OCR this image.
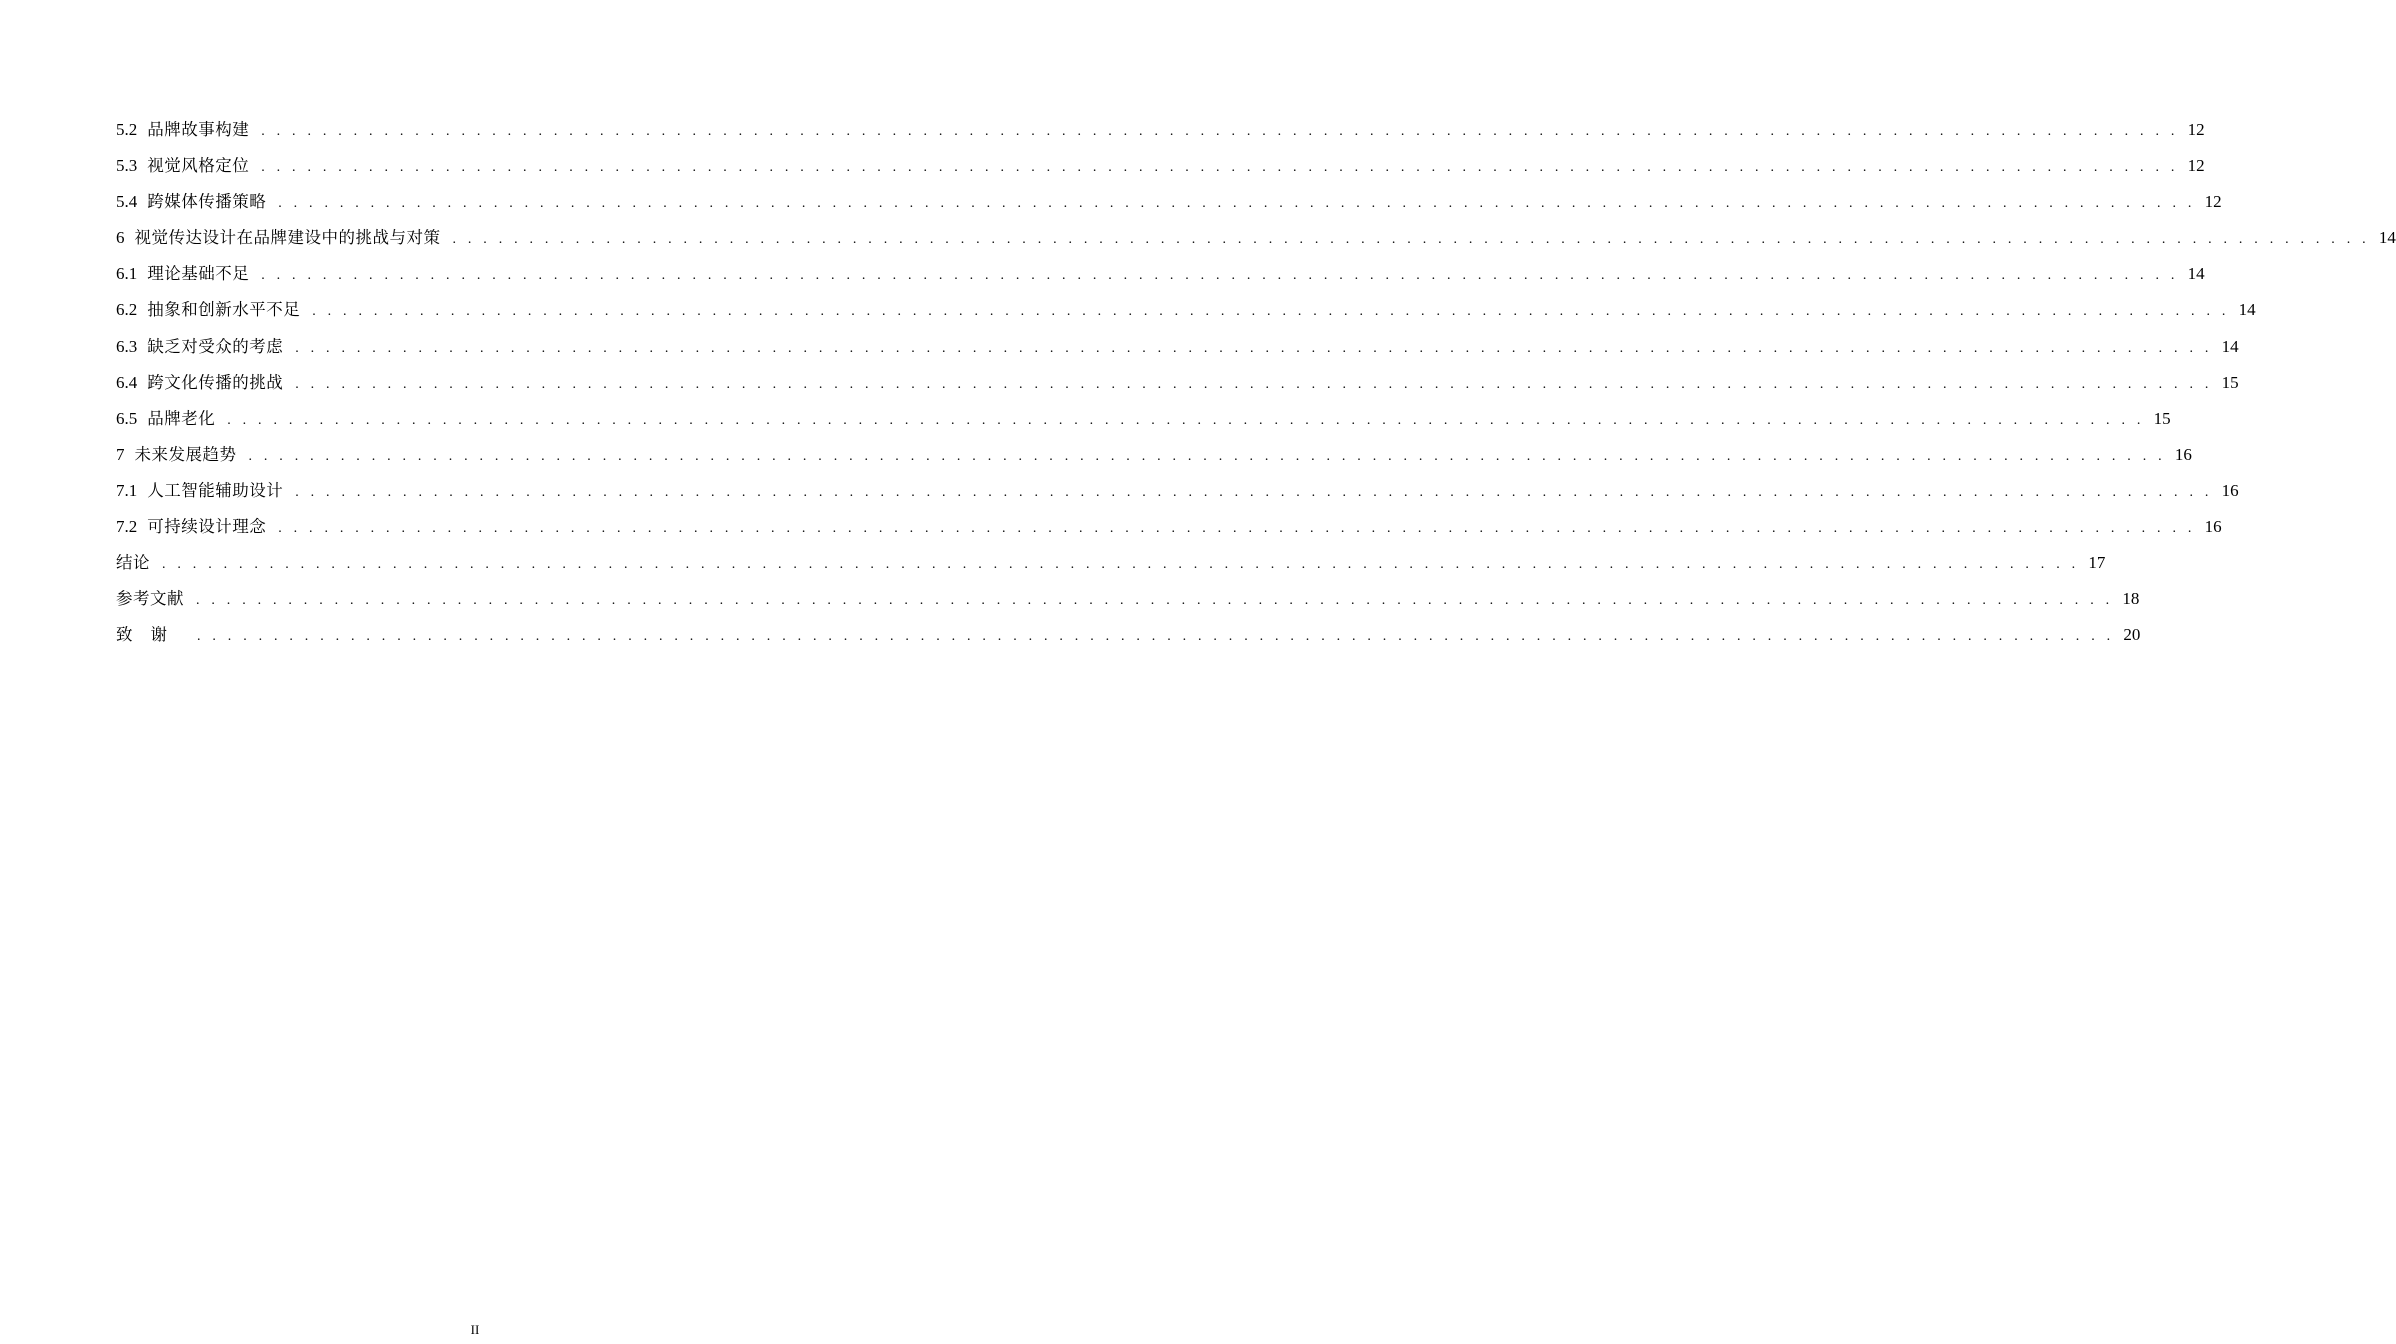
5.2 品牌故事构建 . . . . . . . . . . . . . . . . . . . . . . . . . . . . . . . . . . . . . . . . . . . . . . . . . . . . . . . . . . . . . . . . . . . . . . . . . . . . . . . . . . . . . . . . . . . . . . . . . . . . . . . . . . . . . . . . . . . . . . . . . . . . . 12
5.3 视觉风格定位 . . . . . . . . . . . . . . . . . . . . . . . . . . . . . . . . . . . . . . . . . . . . . . . . . . . . . . . . . . . . . . . . . . . . . . . . . . . . . . . . . . . . . . . . . . . . . . . . . . . . . . . . . . . . . . . . . . . . . . . . . . . . . 12
5.4 跨媒体传播策略 . . . . . . . . . . . . . . . . . . . . . . . . . . . . . . . . . . . . . . . . . . . . . . . . . . . . . . . . . . . . . . . . . . . . . . . . . . . . . . . . . . . . . . . . . . . . . . . . . . . . . . . . . . . . . . . . . . . . . . . . . . . . . 12
6 视觉传达设计在品牌建设中的挑战与对策 . . . . . . . . . . . . . . . . . . . . . . . . . . . . . . . . . . . . . . . . . . . . . . . . . . . . . . . . . . . . . . . . . . . . . . . . . . . . . . . . . . . . . . . . . . . . . . . . . . . . . . . . . . . . . . . . . . . . . . . . . . . . . 14
6.1 理论基础不足 . . . . . . . . . . . . . . . . . . . . . . . . . . . . . . . . . . . . . . . . . . . . . . . . . . . . . . . . . . . . . . . . . . . . . . . . . . . . . . . . . . . . . . . . . . . . . . . . . . . . . . . . . . . . . . . . . . . . . . . . . . . . . 14
6.2 抽象和创新水平不足 . . . . . . . . . . . . . . . . . . . . . . . . . . . . . . . . . . . . . . . . . . . . . . . . . . . . . . . . . . . . . . . . . . . . . . . . . . . . . . . . . . . . . . . . . . . . . . . . . . . . . . . . . . . . . . . . . . . . . . . . . . . . . 14
6.3 缺乏对受众的考虑 . . . . . . . . . . . . . . . . . . . . . . . . . . . . . . . . . . . . . . . . . . . . . . . . . . . . . . . . . . . . . . . . . . . . . . . . . . . . . . . . . . . . . . . . . . . . . . . . . . . . . . . . . . . . . . . . . . . . . . . . . . . . . 14
6.4 跨文化传播的挑战 . . . . . . . . . . . . . . . . . . . . . . . . . . . . . . . . . . . . . . . . . . . . . . . . . . . . . . . . . . . . . . . . . . . . . . . . . . . . . . . . . . . . . . . . . . . . . . . . . . . . . . . . . . . . . . . . . . . . . . . . . . . . . 15
6.5 品牌老化 . . . . . . . . . . . . . . . . . . . . . . . . . . . . . . . . . . . . . . . . . . . . . . . . . . . . . . . . . . . . . . . . . . . . . . . . . . . . . . . . . . . . . . . . . . . . . . . . . . . . . . . . . . . . . . . . . . . . . . . . . . . . . 15
7 未来发展趋势 . . . . . . . . . . . . . . . . . . . . . . . . . . . . . . . . . . . . . . . . . . . . . . . . . . . . . . . . . . . . . . . . . . . . . . . . . . . . . . . . . . . . . . . . . . . . . . . . . . . . . . . . . . . . . . . . . . . . . . . . . . . . . 16
7.1 人工智能辅助设计 . . . . . . . . . . . . . . . . . . . . . . . . . . . . . . . . . . . . . . . . . . . . . . . . . . . . . . . . . . . . . . . . . . . . . . . . . . . . . . . . . . . . . . . . . . . . . . . . . . . . . . . . . . . . . . . . . . . . . . . . . . . . . 16
7.2 可持续设计理念 . . . . . . . . . . . . . . . . . . . . . . . . . . . . . . . . . . . . . . . . . . . . . . . . . . . . . . . . . . . . . . . . . . . . . . . . . . . . . . . . . . . . . . . . . . . . . . . . . . . . . . . . . . . . . . . . . . . . . . . . . . . . . 16
结论 . . . . . . . . . . . . . . . . . . . . . . . . . . . . . . . . . . . . . . . . . . . . . . . . . . . . . . . . . . . . . . . . . . . . . . . . . . . . . . . . . . . . . . . . . . . . . . . . . . . . . . . . . . . . . . . . . . . . . . . . . . . . . 17
参考文献 . . . . . . . . . . . . . . . . . . . . . . . . . . . . . . . . . . . . . . . . . . . . . . . . . . . . . . . . . . . . . . . . . . . . . . . . . . . . . . . . . . . . . . . . . . . . . . . . . . . . . . . . . . . . . . . . . . . . . . . . . . . . . 18
致谢 . . . . . . . . . . . . . . . . . . . . . . . . . . . . . . . . . . . . . . . . . . . . . . . . . . . . . . . . . . . . . . . . . . . . . . . . . . . . . . . . . . . . . . . . . . . . . . . . . . . . . . . . . . . . . . . . . . . . . . . . . . . . . 20
II
